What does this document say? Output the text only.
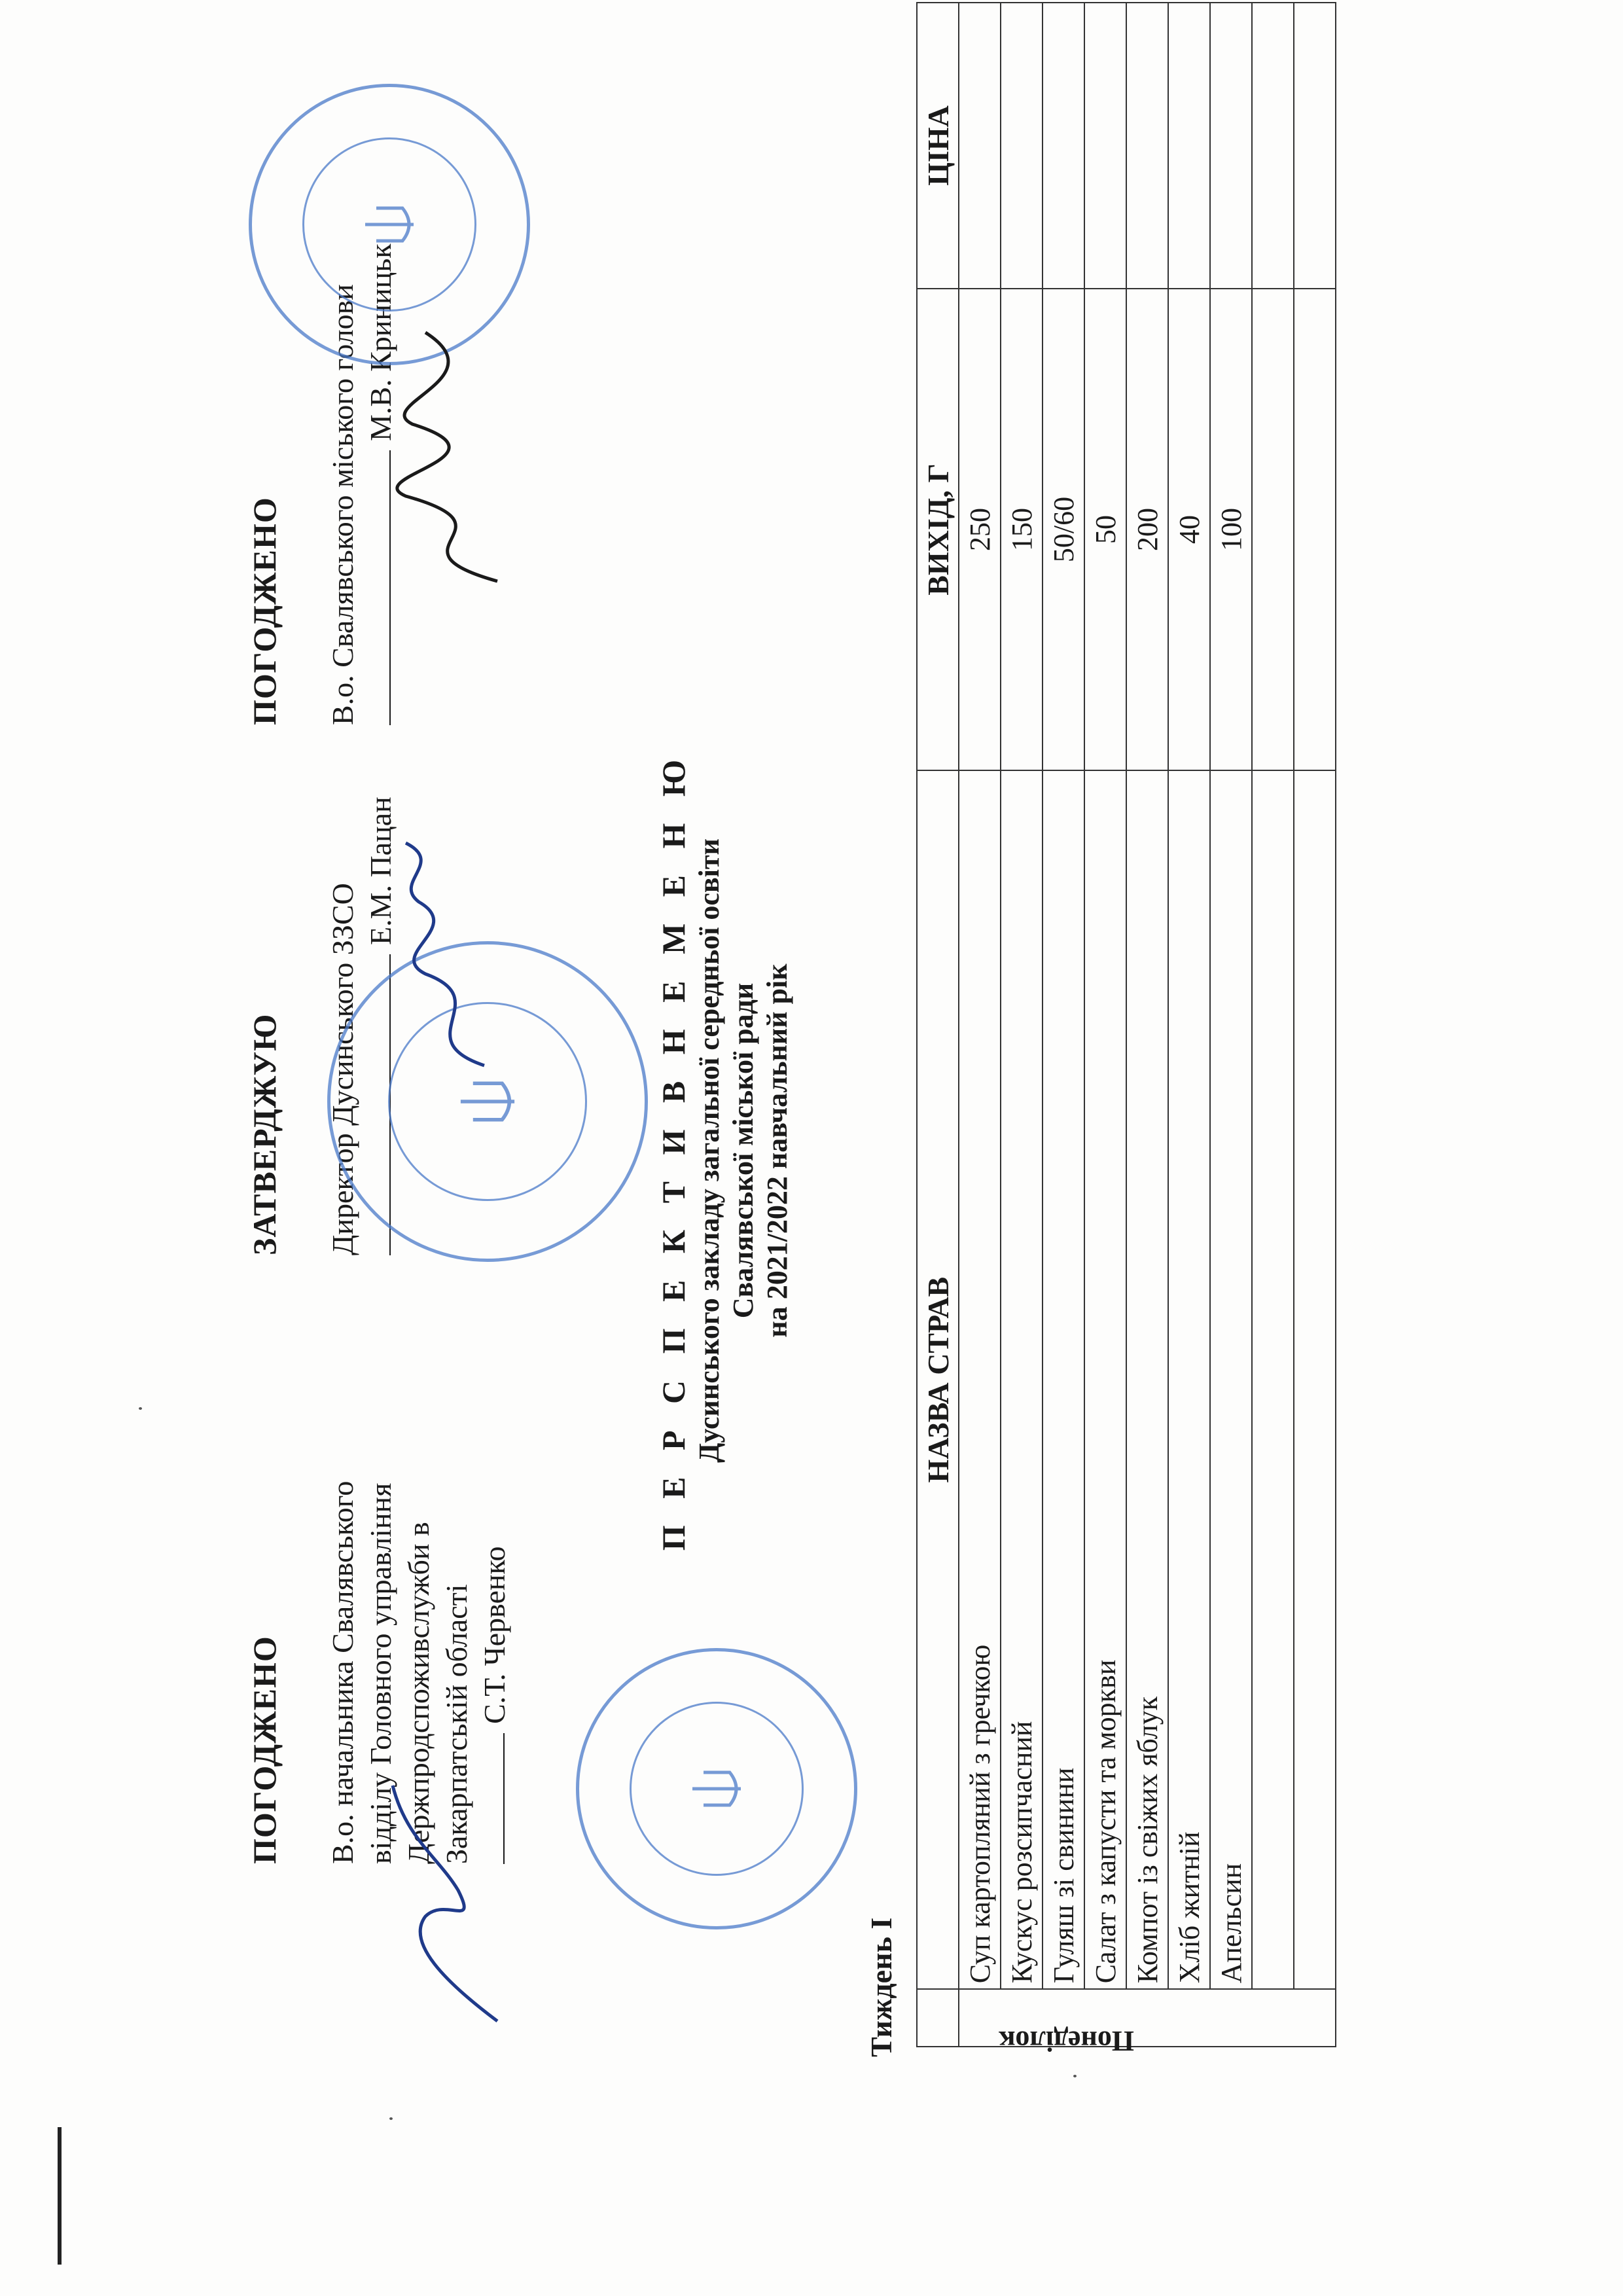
ПОГОДЖЕНО В.о. начальника Свалявського відділу Головного управління Держпродспоживслужби в Закарпатській області С.Т. Червенко
ЗАТВЕРДЖУЮ Директор Дусинського ЗЗСО
Е.М. Пацан
ПОГОДЖЕНО В.о. Свалявського міського голови М.В. Криницьк
П Е Р С П Е К Т И В Н Е М Е Н Ю Дусинського закладу загальної середньої освіти Свалявської міської ради на 2021/2022 навчальний рік
Тиждень І
	НАЗВА СТРАВ	ВИХІД, Г	ЦІНА

Понеділок	Суп картопляний з гречкою	250	
	Кускус розсипчасний	150	
	Гуляш зі свинини	50/60	
	Салат з капусти та моркви	50	
	Компот із свіжих яблук	200	
	Хліб житній	40	
	Апельсин	100	
